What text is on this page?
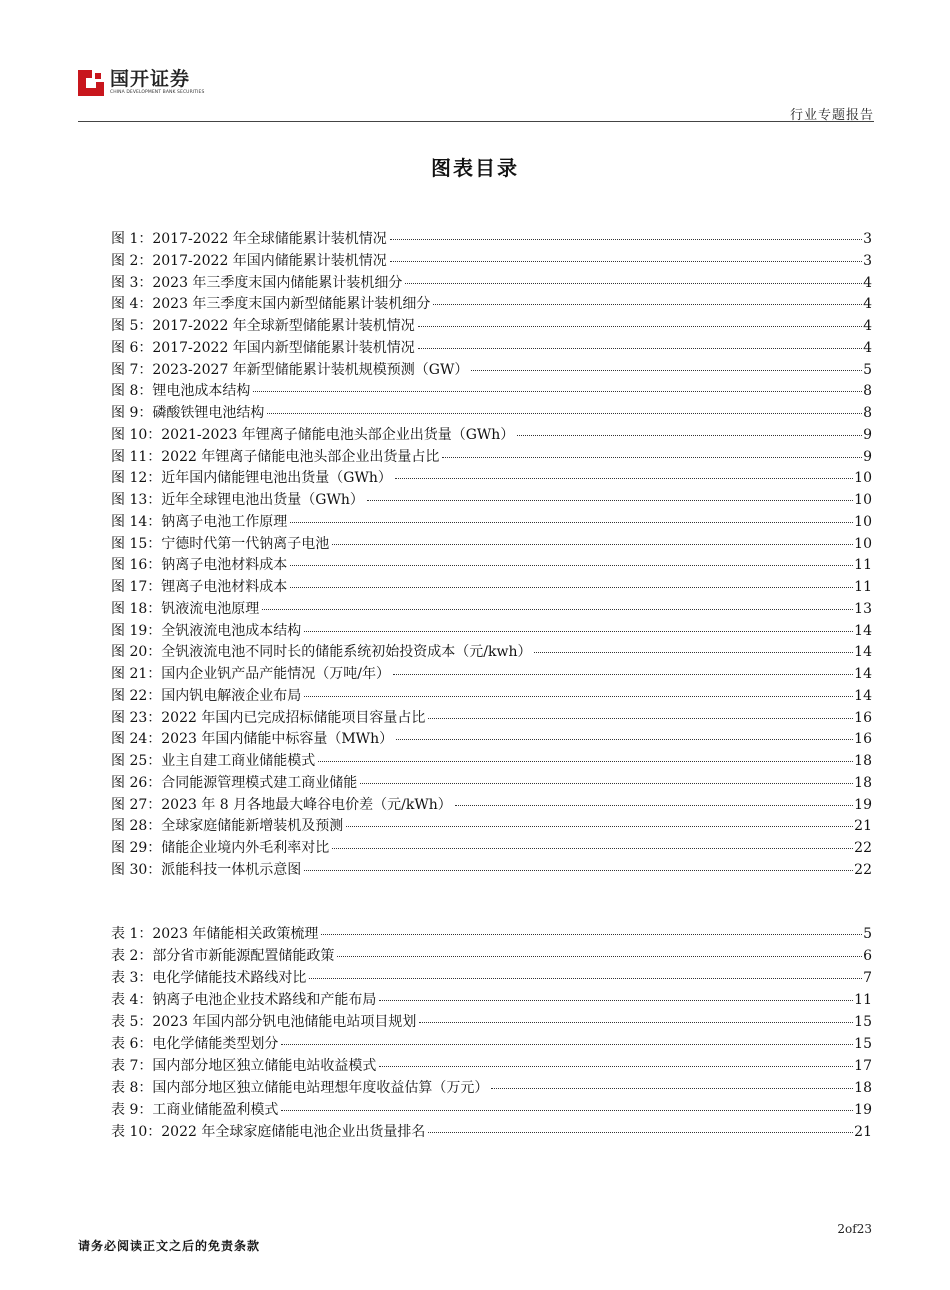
国开证券
CHINA DEVELOPMENT BANK SECURITIES
行业专题报告
图表目录
图 1：2017-2022 年全球储能累计装机情况	3
图 2：2017-2022 年国内储能累计装机情况	3
图 3：2023 年三季度末国内储能累计装机细分	4
图 4：2023 年三季度末国内新型储能累计装机细分	4
图 5：2017-2022 年全球新型储能累计装机情况	4
图 6：2017-2022 年国内新型储能累计装机情况	4
图 7：2023-2027 年新型储能累计装机规模预测（GW）	5
图 8：锂电池成本结构	8
图 9：磷酸铁锂电池结构	8
图 10：2021-2023 年锂离子储能电池头部企业出货量（GWh）	9
图 11：2022 年锂离子储能电池头部企业出货量占比	9
图 12：近年国内储能锂电池出货量（GWh）	10
图 13：近年全球锂电池出货量（GWh）	10
图 14：钠离子电池工作原理	10
图 15：宁德时代第一代钠离子电池	10
图 16：钠离子电池材料成本	11
图 17：锂离子电池材料成本	11
图 18：钒液流电池原理	13
图 19：全钒液流电池成本结构	14
图 20：全钒液流电池不同时长的储能系统初始投资成本（元/kwh）	14
图 21：国内企业钒产品产能情况（万吨/年）	14
图 22：国内钒电解液企业布局	14
图 23：2022 年国内已完成招标储能项目容量占比	16
图 24：2023 年国内储能中标容量（MWh）	16
图 25：业主自建工商业储能模式	18
图 26：合同能源管理模式建工商业储能	18
图 27：2023 年 8 月各地最大峰谷电价差（元/kWh）	19
图 28：全球家庭储能新增装机及预测	21
图 29：储能企业境内外毛利率对比	22
图 30：派能科技一体机示意图	22
表 1：2023 年储能相关政策梳理	5
表 2：部分省市新能源配置储能政策	6
表 3：电化学储能技术路线对比	7
表 4：钠离子电池企业技术路线和产能布局	11
表 5：2023 年国内部分钒电池储能电站项目规划	15
表 6：电化学储能类型划分	15
表 7：国内部分地区独立储能电站收益模式	17
表 8：国内部分地区独立储能电站理想年度收益估算（万元）	18
表 9：工商业储能盈利模式	19
表 10：2022 年全球家庭储能电池企业出货量排名	21
2of23
请务必阅读正文之后的免责条款
